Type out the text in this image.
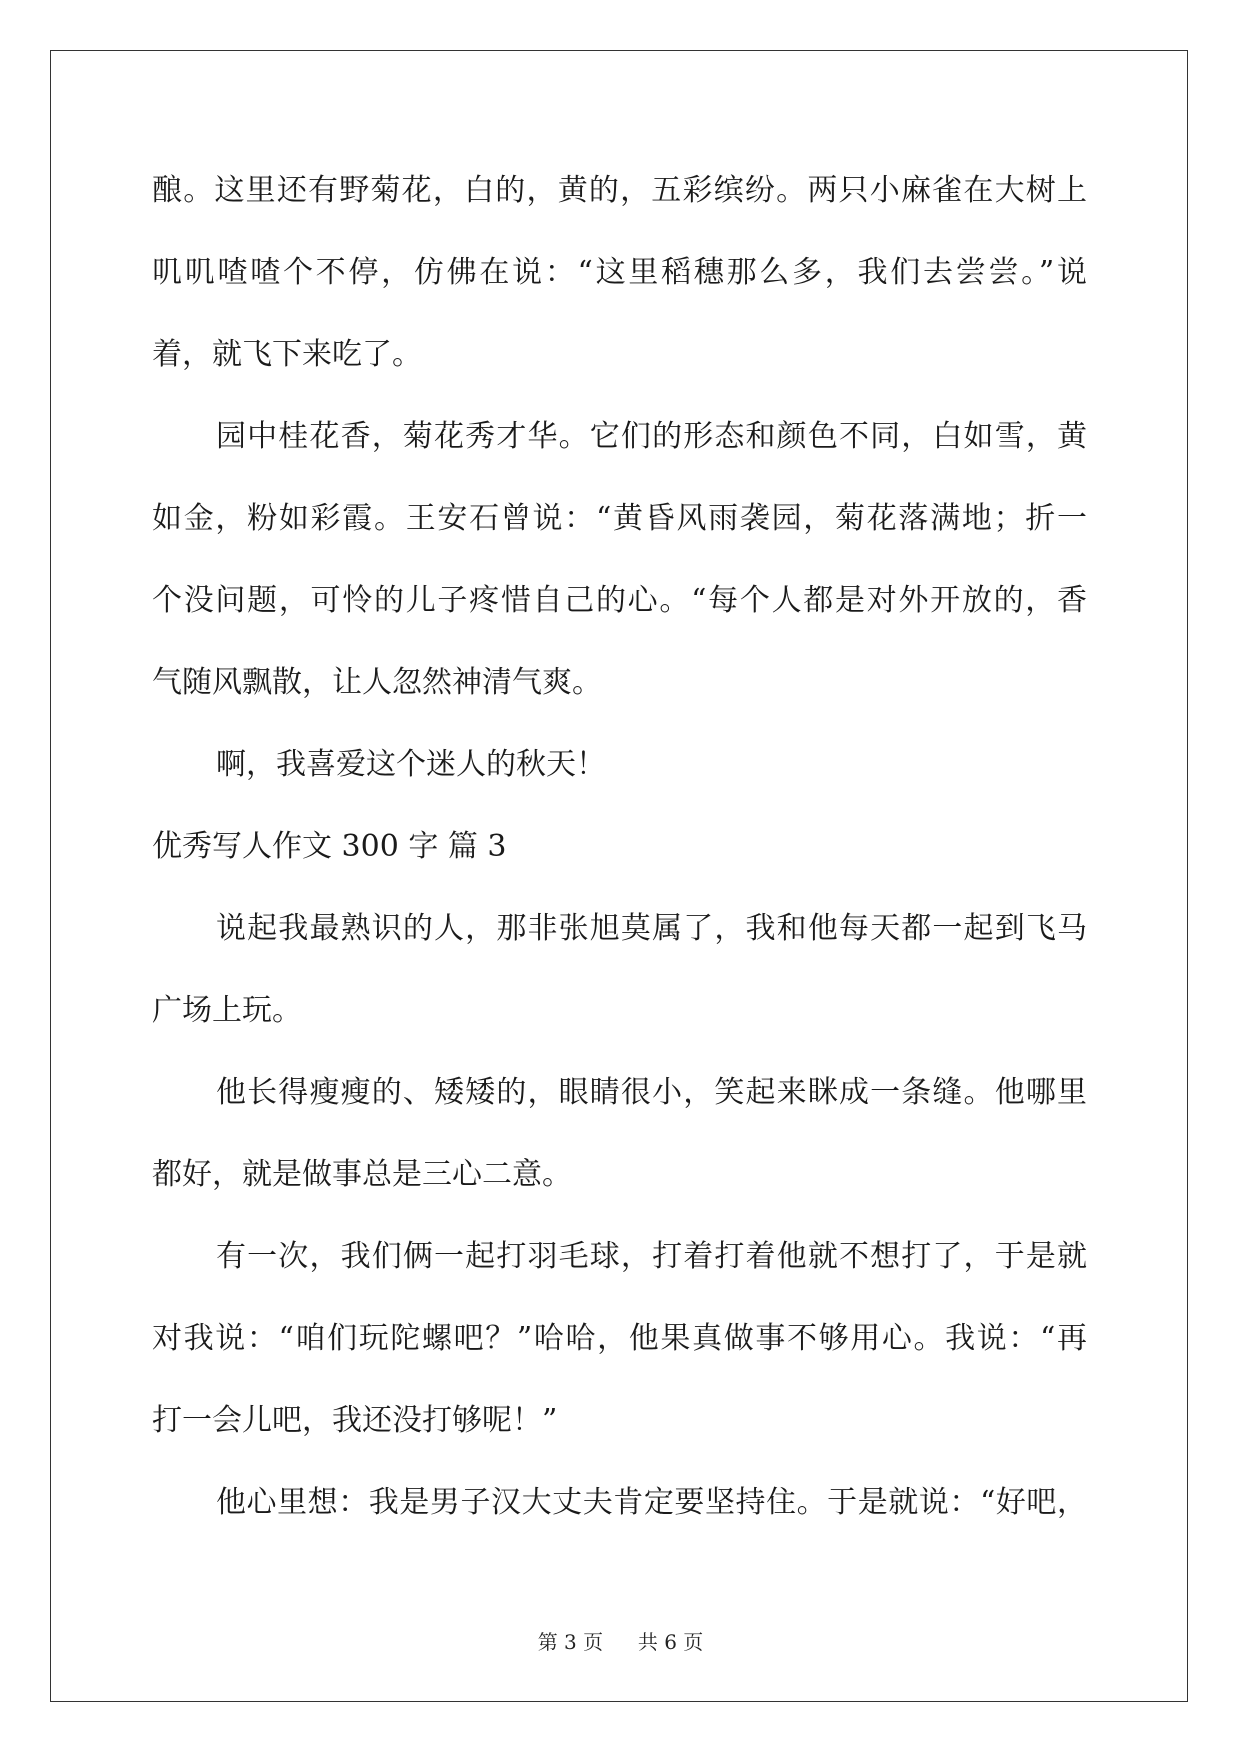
酿。这里还有野菊花，白的，黄的，五彩缤纷。两只小麻雀在大树上
叽叽喳喳个不停，仿佛在说：“这里稻穗那么多，我们去尝尝。”说
着，就飞下来吃了。
园中桂花香，菊花秀才华。它们的形态和颜色不同，白如雪，黄
如金，粉如彩霞。王安石曾说：“黄昏风雨袭园，菊花落满地；折一
个没问题，可怜的儿子疼惜自己的心。“每个人都是对外开放的，香
气随风飘散，让人忽然神清气爽。
啊，我喜爱这个迷人的秋天！
优秀写人作文 300 字 篇 3
说起我最熟识的人，那非张旭莫属了，我和他每天都一起到飞马
广场上玩。
他长得瘦瘦的、矮矮的，眼睛很小，笑起来眯成一条缝。他哪里
都好，就是做事总是三心二意。
有一次，我们俩一起打羽毛球，打着打着他就不想打了，于是就
对我说：“咱们玩陀螺吧？”哈哈，他果真做事不够用心。我说：“再
打一会儿吧，我还没打够呢！”
他心里想：我是男子汉大丈夫肯定要坚持住。于是就说：“好吧，
第 3 页 共 6 页
